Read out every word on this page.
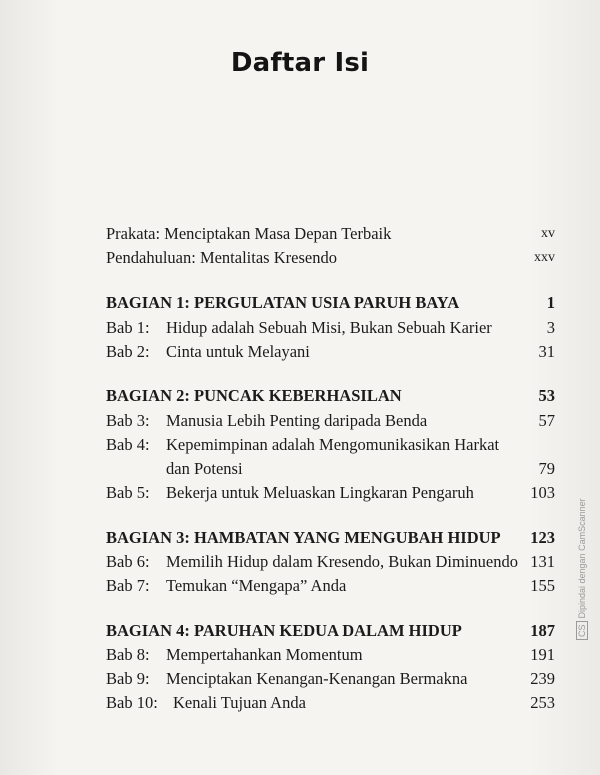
Daftar Isi
Prakata: Menciptakan Masa Depan Terbaik	xv
Pendahuluan: Mentalitas Kresendo	xxv
BAGIAN 1: PERGULATAN USIA PARUH BAYA	1
Bab 1: Hidup adalah Sebuah Misi, Bukan Sebuah Karier	3
Bab 2: Cinta untuk Melayani	31
BAGIAN 2: PUNCAK KEBERHASILAN	53
Bab 3: Manusia Lebih Penting daripada Benda	57
Bab 4: Kepemimpinan adalah Mengomunikasikan Harkat
dan Potensi	79
Bab 5: Bekerja untuk Meluaskan Lingkaran Pengaruh	103
BAGIAN 3: HAMBATAN YANG MENGUBAH HIDUP 123
Bab 6: Memilih Hidup dalam Kresendo, Bukan Diminuendo 131
Bab 7: Temukan “Mengapa” Anda	155
BAGIAN 4: PARUHAN KEDUA DALAM HIDUP	187
Bab 8: Mempertahankan Momentum	191
Bab 9: Menciptakan Kenangan-Kenangan Bermakna	239
Bab 10: Kenali Tujuan Anda	253
CSDipindai dengan CamScanner
